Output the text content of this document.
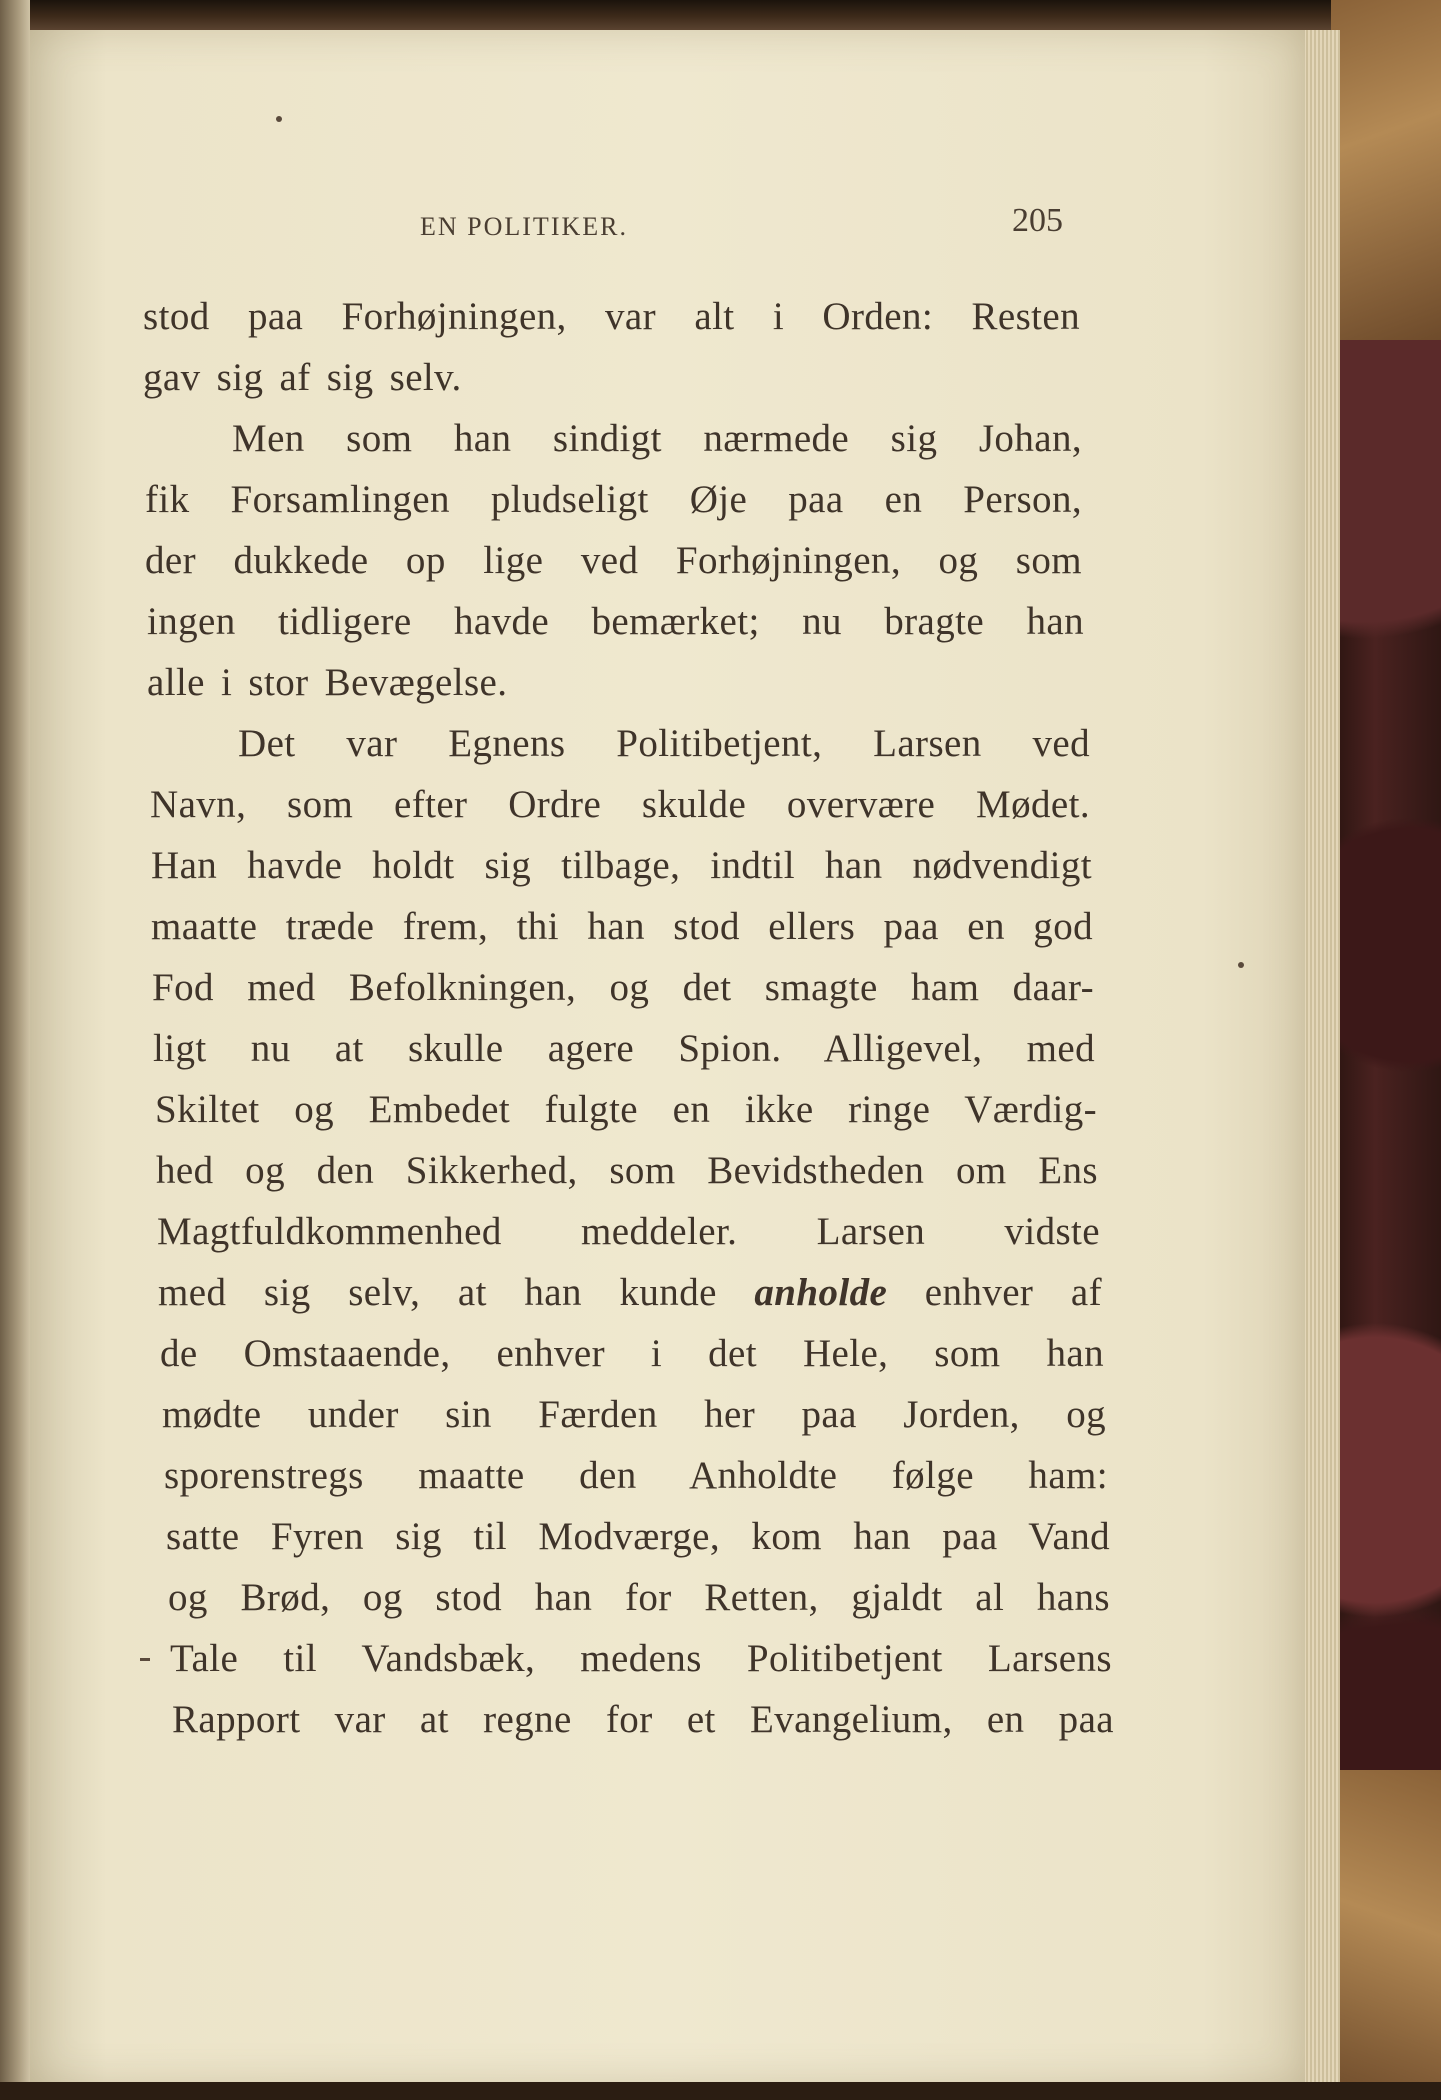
EN POLITIKER.	205
stod paa Forhøjningen, var alt i Orden: Resten
gav sig af sig selv.
Men som han sindigt nærmede sig Johan,
fik Forsamlingen pludseligt Øje paa en Person,
der dukkede op lige ved Forhøjningen, og som
ingen tidligere havde bemærket; nu bragte han
alle i stor Bevægelse.
Det var Egnens Politibetjent, Larsen ved
Navn, som efter Ordre skulde overvære Mødet.
Han havde holdt sig tilbage, indtil han nødvendigt
maatte træde frem, thi han stod ellers paa en god
Fod med Befolkningen, og det smagte ham daar-
ligt nu at skulle agere Spion. Alligevel, med
Skiltet og Embedet fulgte en ikke ringe Værdig-
hed og den Sikkerhed, som Bevidstheden om Ens
Magtfuldkommenhed meddeler. Larsen vidste
med sig selv, at han kunde anholde enhver af
de Omstaaende, enhver i det Hele, som han
mødte under sin Færden her paa Jorden, og
sporenstregs maatte den Anholdte følge ham:
satte Fyren sig til Modværge, kom han paa Vand
og Brød, og stod han for Retten, gjaldt al hans
Tale til Vandsbæk, medens Politibetjent Larsens
Rapport var at regne for et Evangelium, en paa
